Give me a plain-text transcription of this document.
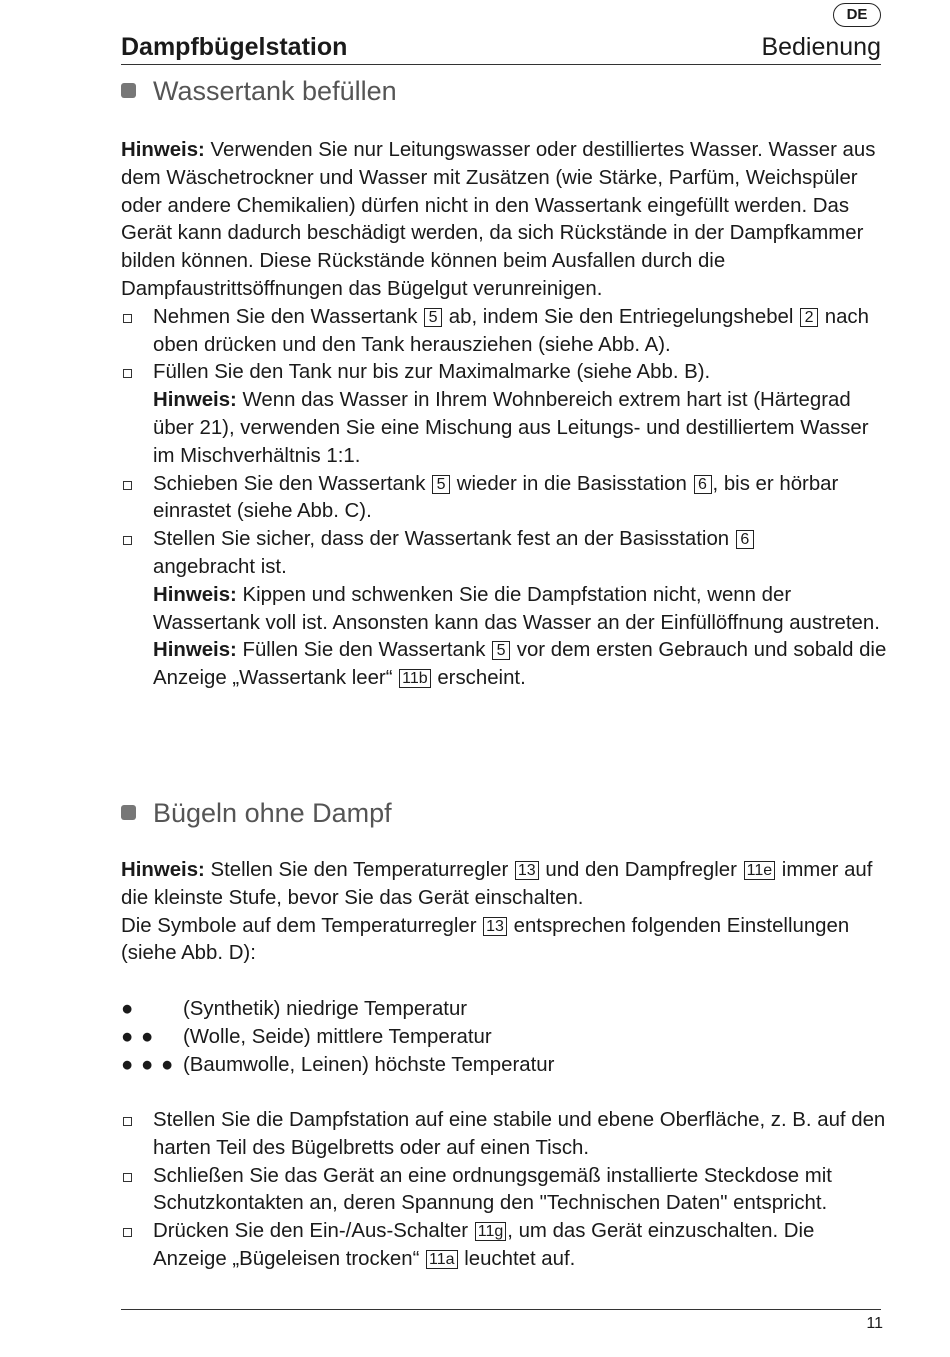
DE
Dampfbügelstation	Bedienung
Wassertank befüllen

Hinweis: Verwenden Sie nur Leitungswasser oder destilliertes Wasser. Wasser aus dem Wäschetrockner und Wasser mit Zusätzen (wie Stärke, Parfüm, Weichspüler oder andere Chemikalien) dürfen nicht in den Wassertank eingefüllt werden. Das Gerät kann dadurch beschädigt werden, da sich Rückstände in der Dampfkammer bilden können. Diese Rückstände können beim Ausfallen durch die Dampfaustrittsöffnungen das Bügelgut verunreinigen.

Nehmen Sie den Wassertank 5 ab, indem Sie den Entriegelungshebel 2 nach oben drücken und den Tank herausziehen (siehe Abb. A).
Füllen Sie den Tank nur bis zur Maximalmarke (siehe Abb. B).
Hinweis: Wenn das Wasser in Ihrem Wohnbereich extrem hart ist (Härtegrad über 21), verwenden Sie eine Mischung aus Leitungs- und destilliertem Wasser im Mischverhältnis 1:1.
Schieben Sie den Wassertank 5 wieder in die Basisstation 6 , bis er hörbar einrastet (siehe Abb. C).
Stellen Sie sicher, dass der Wassertank fest an der Basisstation 6
angebracht ist.
Hinweis: Kippen und schwenken Sie die Dampfstation nicht, wenn der Wassertank voll ist. Ansonsten kann das Wasser an der Einfüllöffnung austreten.
Hinweis: Füllen Sie den Wassertank 5 vor dem ersten Gebrauch und sobald die Anzeige „Wassertank leer“ 11b erscheint.
Bügeln ohne Dampf

Hinweis: Stellen Sie den Temperaturregler 13 und den Dampfregler 11e immer auf die kleinste Stufe, bevor Sie das Gerät einschalten.

Die Symbole auf dem Temperaturregler 13 entsprechen folgenden Einstellungen (siehe Abb. D):

● (Synthetik) niedrige Temperatur

● ● (Wolle, Seide) mittlere Temperatur

● ● ● (Baumwolle, Leinen) höchste Temperatur

Stellen Sie die Dampfstation auf eine stabile und ebene Oberfläche, z. B. auf den harten Teil des Bügelbretts oder auf einen Tisch.
Schließen Sie das Gerät an eine ordnungsgemäß installierte Steckdose mit Schutzkontakten an, deren Spannung den "Technischen Daten" entspricht.
Drücken Sie den Ein-/Aus-Schalter 11g , um das Gerät einzuschalten. Die Anzeige „Bügeleisen trocken“ 11a leuchtet auf.
11
